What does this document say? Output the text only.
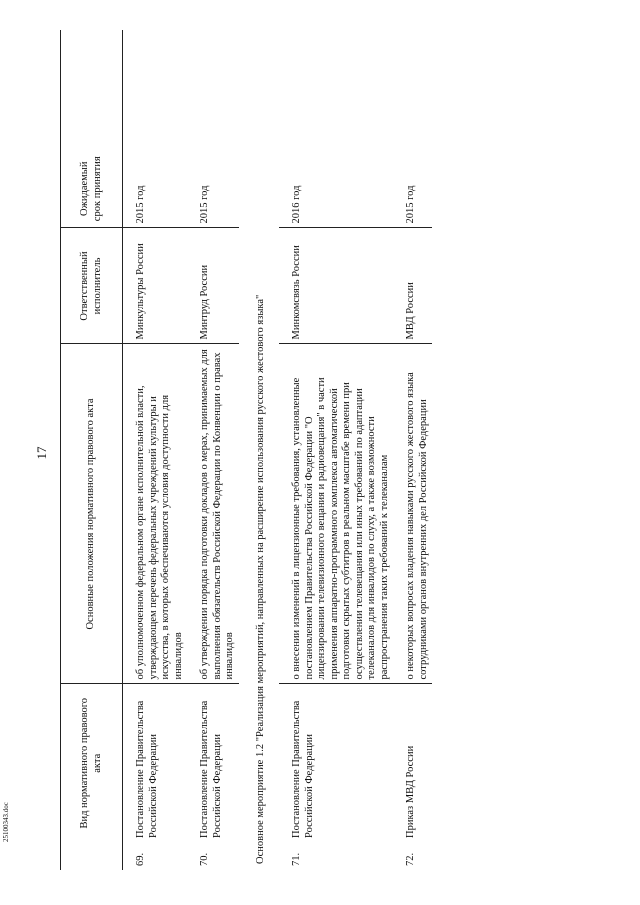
17
	Вид нормативного правового акта	Основные положения нормативного правового акта	Ответственный исполнитель	Ожидаемый срок принятия	
69.	Постановление Правительства Российской Федерации	об уполномоченном федеральном органе исполнительной власти, утверждающем перечень федеральных учреждений культуры и искусства, в которых обеспечиваются условия доступности для инвалидов	Минкультуры России	2015 год	
70.	Постановление Правительства Российской Федерации	об утверждении порядка подготовки докладов о мерах, принимаемых для выполнения обязательств Российской Федерации по Конвенции о правах инвалидов	Минтруд России	2015 год	
Основное мероприятие 1.2 "Реализация мероприятий, направленных на расширение использования русского жестового языка"					
71.	Постановление Правительства Российской Федерации	о внесении изменений в лицензионные требования, установленные постановлением Правительства Российской Федерации "О лицензировании телевизионного вещания и радиовещания" в части применения аппаратно-программного комплекса автоматической подготовки скрытых субтитров в реальном масштабе времени при осуществлении телевещания или иных требований по адаптации телеканалов для инвалидов по слуху, а также возможности распространения таких требований к телеканалам	Минкомсвязь России	2016 год	
72.	Приказ МВД России	о некоторых вопросах владения навыками русского жестового языка сотрудниками органов внутренних дел Российской Федерации	МВД России	2015 год	
2510034З.doc
